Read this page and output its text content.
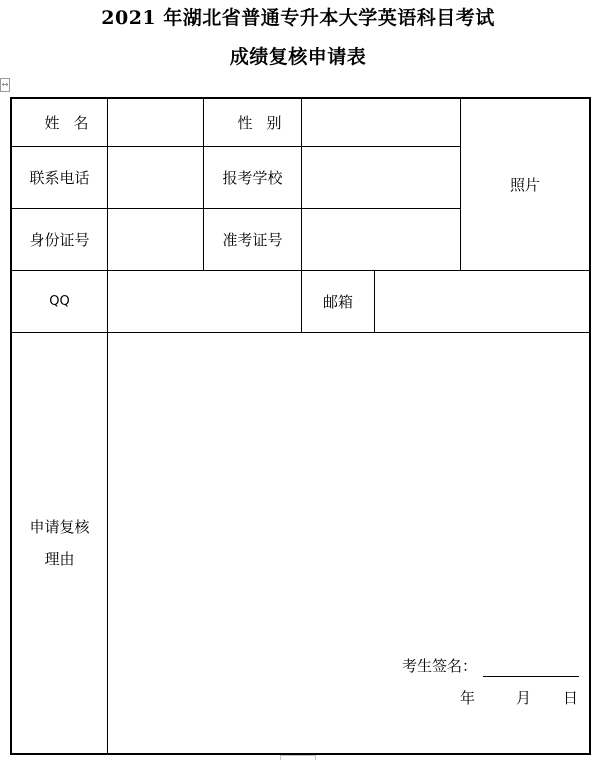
2021 年湖北省普通专升本大学英语科目考试
成绩复核申请表
↔
姓名	性别
照片
联系电话	报考学校
身份证号	准考证号
QQ	邮箱
申请复核
理由
考生签名：
年	月 日
